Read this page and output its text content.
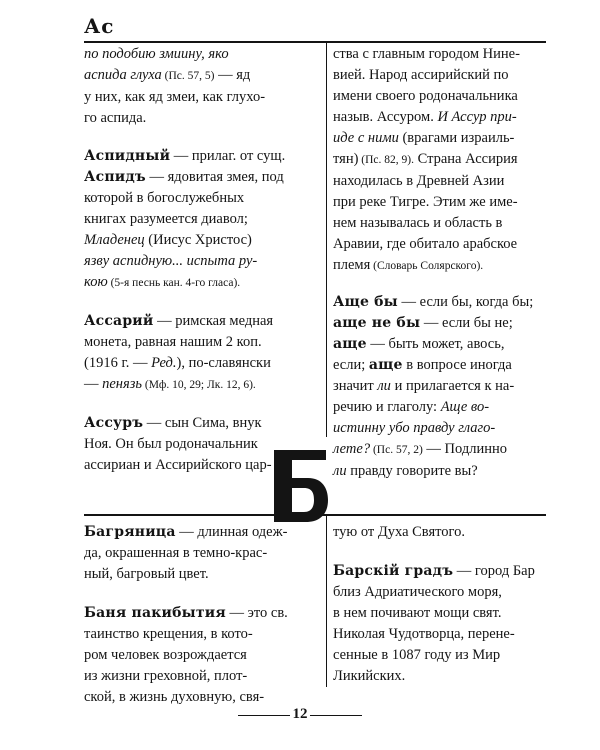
Ас

по подобию змиину, яко
аспида глуха (Пс. 57, 5) — яд
у них, как яд змеи, как глухо-
го аспида.

Аспидный — прилаг. от сущ.
Аспидъ — ядовитая змея, под
которой в богослужебных
книгах разумеется диавол;
Младенец (Иисус Христос)
язву аспидную... испыта ру-
кою (5-я песнь кан. 4-го гласа).

Ассарий — римская медная
монета, равная нашим 2 коп.
(1916 г. — Ред.), по-славянски
— пенязь (Мф. 10, 29; Лк. 12, 6).

Ассуръ — сын Сима, внук
Ноя. Он был родоначальник
ассириан и Ассирийского цар-

ства с главным городом Нине-
вией. Народ ассирийский по
имени своего родоначальника
назыв. Ассуром. И Ассур при-
иде с ними (врагами израиль-
тян) (Пс. 82, 9). Страна Ассирия
находилась в Древней Азии
при реке Тигре. Этим же име-
нем называлась и область в
Аравии, где обитало арабское
племя (Словарь Солярского).

Аще бы — если бы, когда бы;
аще не бы — если бы не;
аще — быть может, авось,
если; аще в вопросе иногда
значит ли и прилагается к на-
речию и глаголу: Аще во-
истинну убо правду глаго-
лете? (Пс. 57, 2) — Подлинно
ли правду говорите вы?

Багряница — длинная одеж-
да, окрашенная в темно-крас-
ный, багровый цвет.

Баня пакибытия — это св.
таинство крещения, в кото-
ром человек возрождается
из жизни греховной, плот-
ской, в жизнь духовную, свя-

тую от Духа Святого.

Барскій градъ — город Бар
близ Адриатического моря,
в нем почивают мощи свят.
Николая Чудотворца, перене-
сенные в 1087 году из Мир
Ликийских.

12
